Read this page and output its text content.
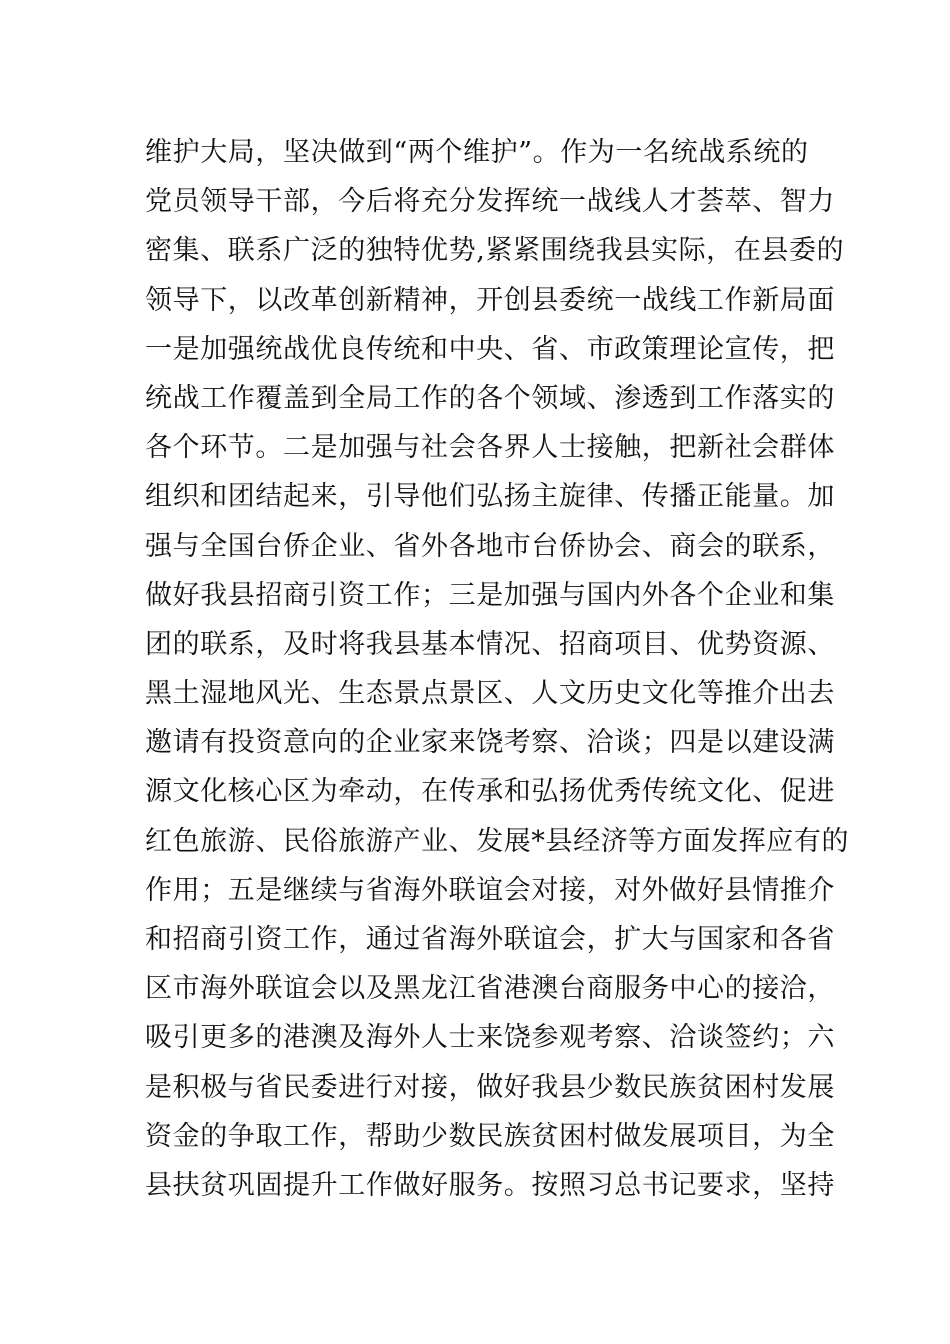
维护大局，坚决做到“两个维护”。作为一名统战系统的
党员领导干部，今后将充分发挥统一战线人才荟萃、智力
密集、联系广泛的独特优势,紧紧围绕我县实际，在县委的
领导下，以改革创新精神，开创县委统一战线工作新局面
一是加强统战优良传统和中央、省、市政策理论宣传，把
统战工作覆盖到全局工作的各个领域、渗透到工作落实的
各个环节。二是加强与社会各界人士接触，把新社会群体
组织和团结起来，引导他们弘扬主旋律、传播正能量。加
强与全国台侨企业、省外各地市台侨协会、商会的联系，
做好我县招商引资工作；三是加强与国内外各个企业和集
团的联系，及时将我县基本情况、招商项目、优势资源、
黑土湿地风光、生态景点景区、人文历史文化等推介出去
邀请有投资意向的企业家来饶考察、洽谈；四是以建设满
源文化核心区为牵动，在传承和弘扬优秀传统文化、促进
红色旅游、民俗旅游产业、发展*县经济等方面发挥应有的
作用；五是继续与省海外联谊会对接，对外做好县情推介
和招商引资工作，通过省海外联谊会，扩大与国家和各省
区市海外联谊会以及黑龙江省港澳台商服务中心的接洽，
吸引更多的港澳及海外人士来饶参观考察、洽谈签约；六
是积极与省民委进行对接，做好我县少数民族贫困村发展
资金的争取工作，帮助少数民族贫困村做发展项目，为全
县扶贫巩固提升工作做好服务。按照习总书记要求，坚持
